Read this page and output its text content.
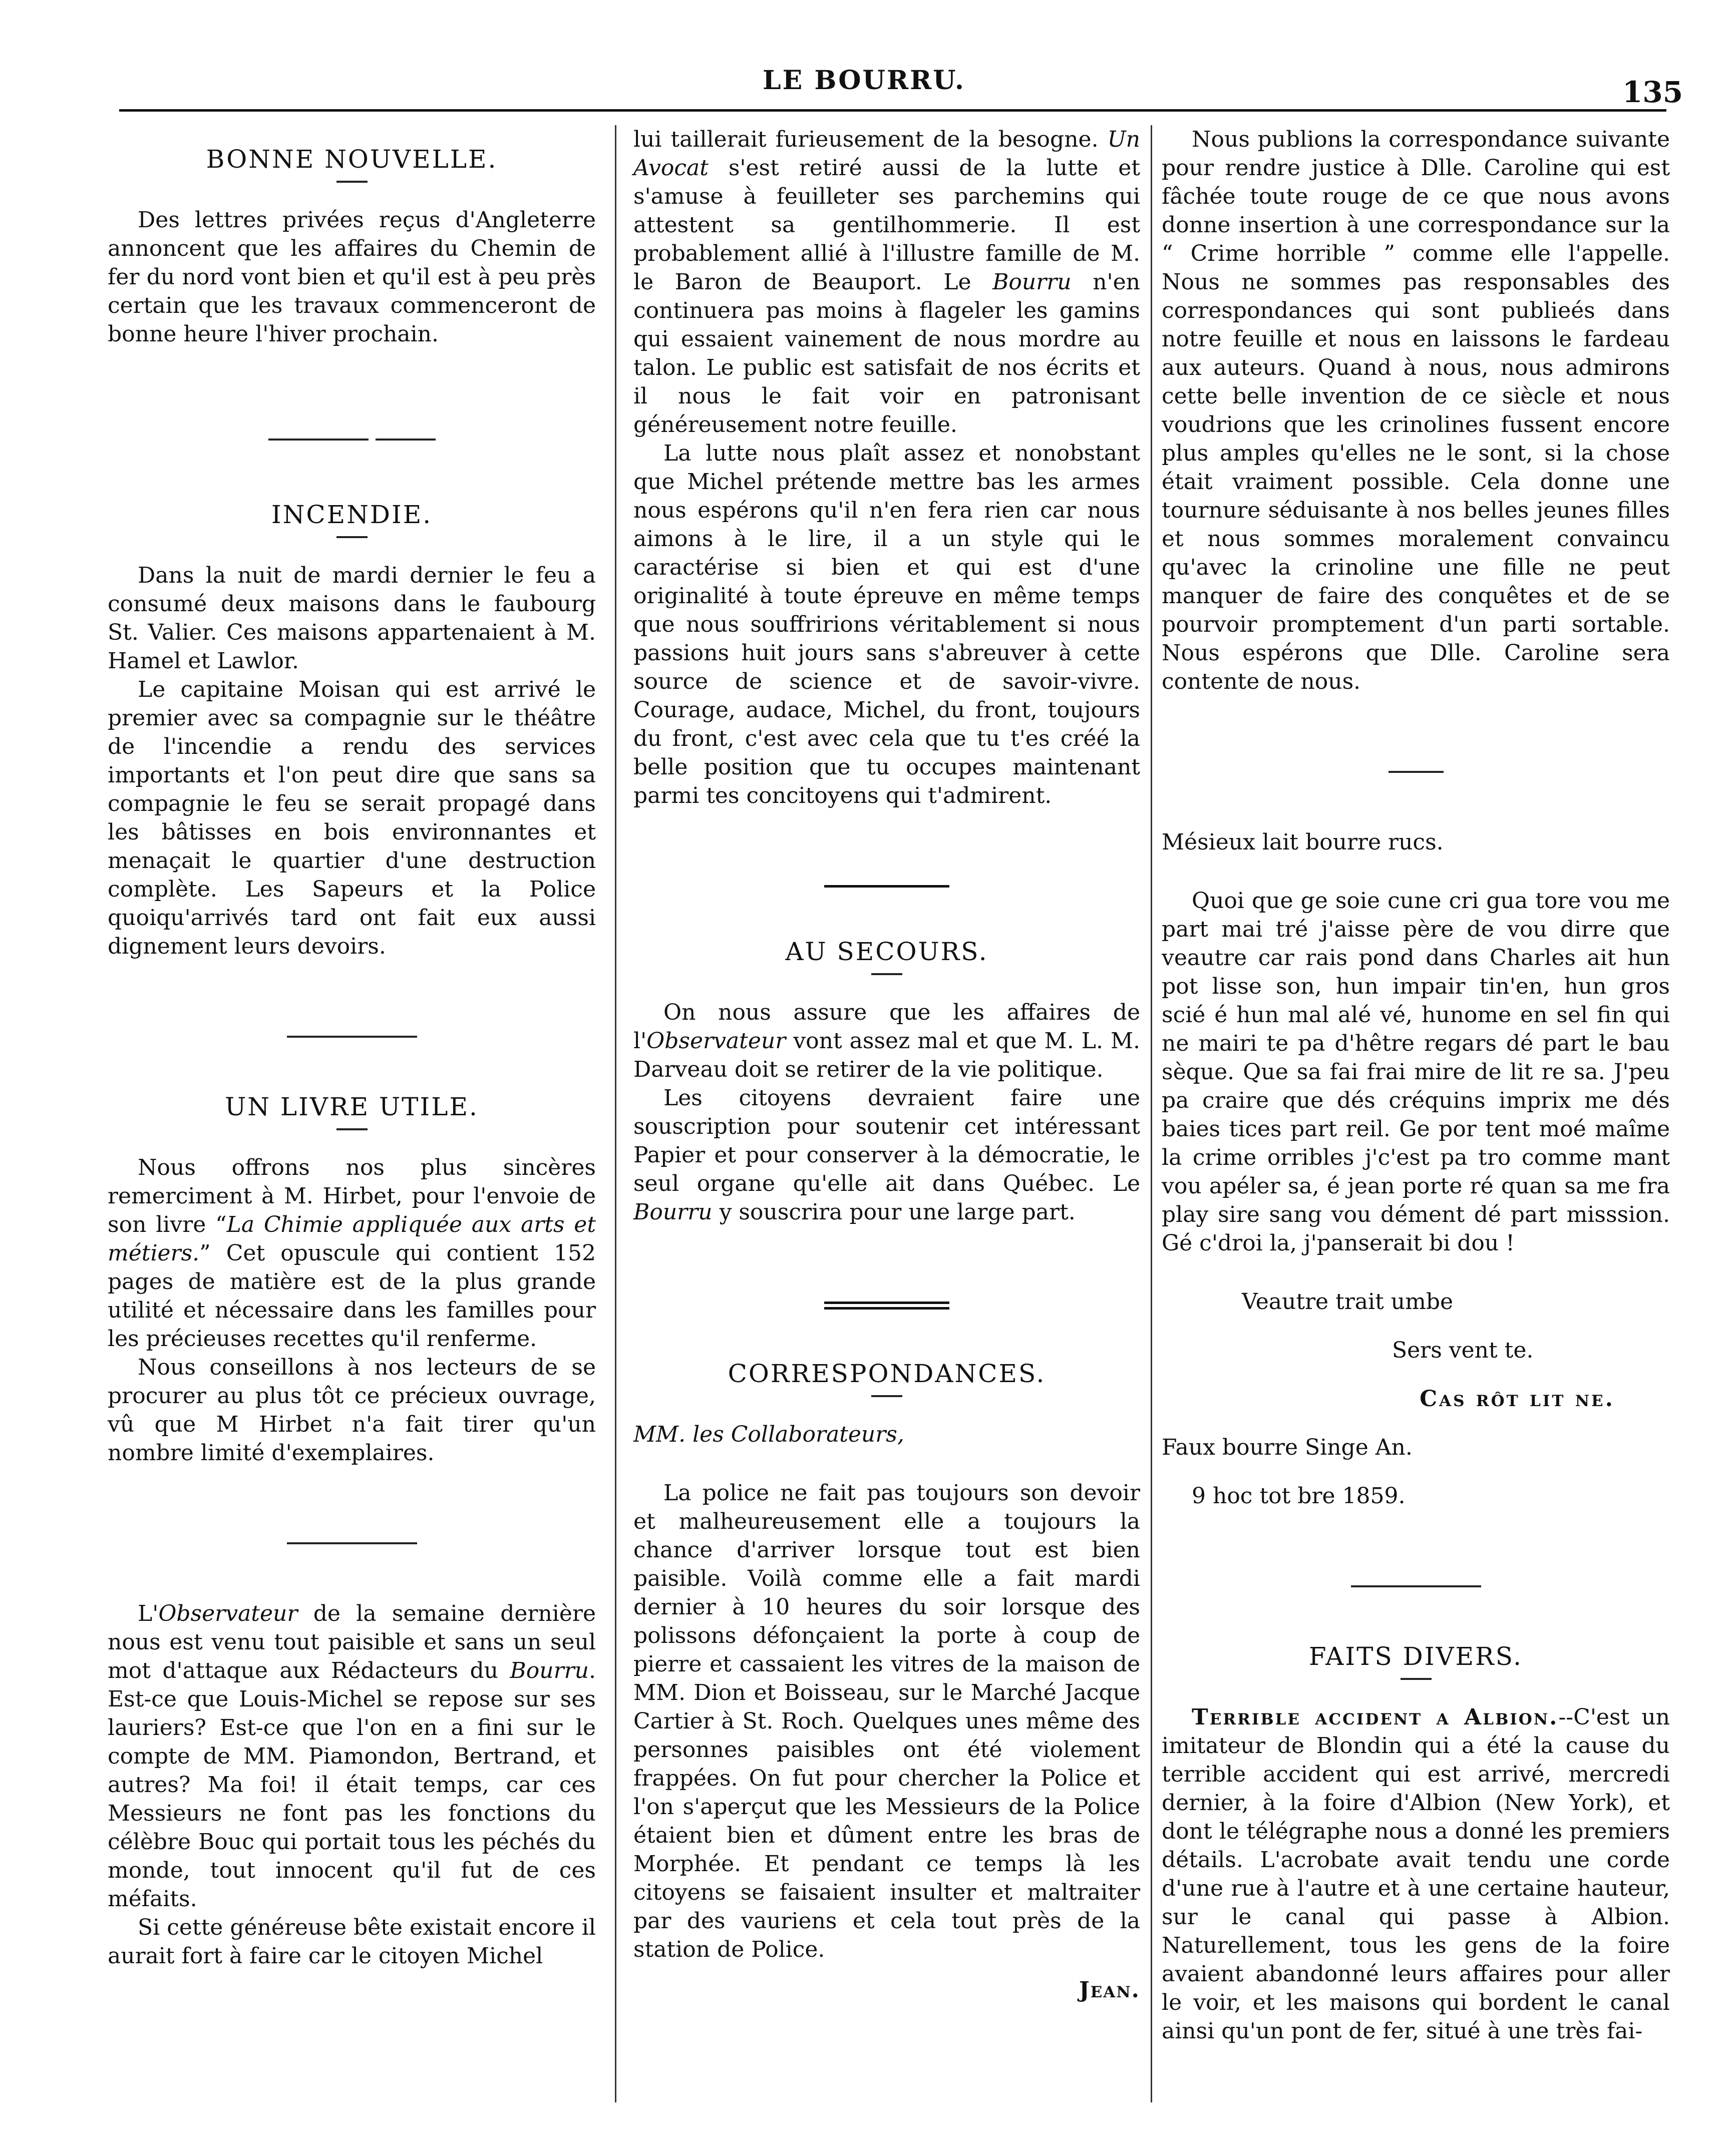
LE BOURRU.	135
BONNE NOUVELLE.

Des lettres privées reçus d'Angleterre annoncent que les affaires du Chemin de fer du nord vont bien et qu'il est à peu près certain que les travaux commenceront de bonne heure l'hiver prochain.

INCENDIE.

Dans la nuit de mardi dernier le feu a consumé deux maisons dans le faubourg St. Valier. Ces maisons appartenaient à M. Hamel et Lawlor.

Le capitaine Moisan qui est arrivé le premier avec sa compagnie sur le théâtre de l'incendie a rendu des services importants et l'on peut dire que sans sa compagnie le feu se serait propagé dans les bâtisses en bois environnantes et menaçait le quartier d'une destruction complète. Les Sapeurs et la Police quoiqu'arrivés tard ont fait eux aussi dignement leurs devoirs.

UN LIVRE UTILE.

Nous offrons nos plus sincères remerciment à M. Hirbet, pour l'envoie de son livre “La Chimie appliquée aux arts et métiers.” Cet opuscule qui contient 152 pages de matière est de la plus grande utilité et nécessaire dans les familles pour les précieuses recettes qu'il renferme.

Nous conseillons à nos lecteurs de se procurer au plus tôt ce précieux ouvrage, vû que M Hirbet n'a fait tirer qu'un nombre limité d'exemplaires.

L'Observateur de la semaine dernière nous est venu tout paisible et sans un seul mot d'attaque aux Rédacteurs du Bourru. Est-ce que Louis-Michel se repose sur ses lauriers? Est-ce que l'on en a fini sur le compte de MM. Piamondon, Bertrand, et autres? Ma foi! il était temps, car ces Messieurs ne font pas les fonctions du célèbre Bouc qui portait tous les péchés du monde, tout innocent qu'il fut de ces méfaits.

Si cette généreuse bête existait encore il aurait fort à faire car le citoyen Michel

lui taillerait furieusement de la besogne. Un Avocat s'est retiré aussi de la lutte et s'amuse à feuilleter ses parchemins qui attestent sa gentilhommerie. Il est probablement allié à l'illustre famille de M. le Baron de Beauport. Le Bourru n'en continuera pas moins à flageler les gamins qui essaient vainement de nous mordre au talon. Le public est satisfait de nos écrits et il nous le fait voir en patronisant généreusement notre feuille.

La lutte nous plaît assez et nonobstant que Michel prétende mettre bas les armes nous espérons qu'il n'en fera rien car nous aimons à le lire, il a un style qui le caractérise si bien et qui est d'une originalité à toute épreuve en même temps que nous souffririons véritablement si nous passions huit jours sans s'abreuver à cette source de science et de savoir-vivre. Courage, audace, Michel, du front, toujours du front, c'est avec cela que tu t'es créé la belle position que tu occupes maintenant parmi tes concitoyens qui t'admirent.

AU SECOURS.

On nous assure que les affaires de l'Observateur vont assez mal et que M. L. M. Darveau doit se retirer de la vie politique.

Les citoyens devraient faire une souscription pour soutenir cet intéressant Papier et pour conserver à la démocratie, le seul organe qu'elle ait dans Québec. Le Bourru y souscrira pour une large part.

CORRESPONDANCES.

MM. les Collaborateurs,

La police ne fait pas toujours son devoir et malheureusement elle a toujours la chance d'arriver lorsque tout est bien paisible. Voilà comme elle a fait mardi dernier à 10 heures du soir lorsque des polissons défonçaient la porte à coup de pierre et cassaient les vitres de la maison de MM. Dion et Boisseau, sur le Marché Jacque Cartier à St. Roch. Quelques unes même des personnes paisibles ont été violement frappées. On fut pour chercher la Police et l'on s'aperçut que les Messieurs de la Police étaient bien et dûment entre les bras de Morphée. Et pendant ce temps là les citoyens se faisaient insulter et maltraiter par des vauriens et cela tout près de la station de Police.

Jean.

Nous publions la correspondance suivante pour rendre justice à Dlle. Caroline qui est fâchée toute rouge de ce que nous avons donne insertion à une correspondance sur la “ Crime horrible ” comme elle l'appelle. Nous ne sommes pas responsables des correspondances qui sont publieés dans notre feuille et nous en laissons le fardeau aux auteurs. Quand à nous, nous admirons cette belle invention de ce siècle et nous voudrions que les crinolines fussent encore plus amples qu'elles ne le sont, si la chose était vraiment possible. Cela donne une tournure séduisante à nos belles jeunes filles et nous sommes moralement convaincu qu'avec la crinoline une fille ne peut manquer de faire des conquêtes et de se pourvoir promptement d'un parti sortable. Nous espérons que Dlle. Caroline sera contente de nous.

Mésieux lait bourre rucs.

Quoi que ge soie cune cri gua tore vou me part mai tré j'aisse père de vou dirre que veautre car rais pond dans Charles ait hun pot lisse son, hun impair tin'en, hun gros scié é hun mal alé vé, hunome en sel fin qui ne mairi te pa d'hêtre regars dé part le bau sèque. Que sa fai frai mire de lit re sa. J'peu pa craire que dés créquins imprix me dés baies tices part reil. Ge por tent moé maîme la crime orribles j'c'est pa tro comme mant vou apéler sa, é jean porte ré quan sa me fra play sire sang vou dément dé part misssion. Gé c'droi la, j'panserait bi dou !

Veautre trait umbe
Sers vent te.
Cas rôt lit ne.
Faux bourre Singe An.
9 hoc tot bre 1859.
FAITS DIVERS.

Terrible accident a Albion.--C'est un imitateur de Blondin qui a été la cause du terrible accident qui est arrivé, mercredi dernier, à la foire d'Albion (New York), et dont le télégraphe nous a donné les premiers détails. L'acrobate avait tendu une corde d'une rue à l'autre et à une certaine hauteur, sur le canal qui passe à Albion. Naturellement, tous les gens de la foire avaient abandonné leurs affaires pour aller le voir, et les maisons qui bordent le canal ainsi qu'un pont de fer, situé à une très fai-
